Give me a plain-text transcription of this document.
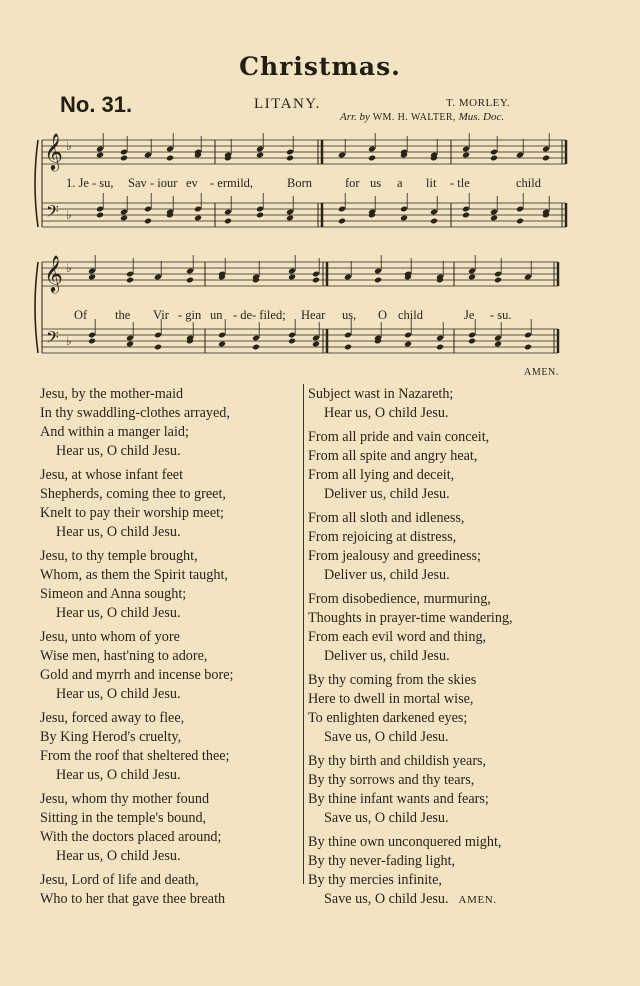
Christmas.
No. 31.	LITANY.	T. MORLEY.
Arr. by WM. H. WALTER, Mus. Doc.
𝄞
𝄢
♭
♭
𝄞
𝄢
♭
♭
1. Je - su, Sav - iour ev - er mild,	Born	for us a lit - tle	child
Of the Vir - gin un - de - filed; Hear us, O child	Je - su.
AMEN.
Jesu, by the mother-maid
In thy swaddling-clothes arrayed,
And within a manger laid;
Hear us, O child Jesu.
Jesu, at whose infant feet
Shepherds, coming thee to greet,
Knelt to pay their worship meet;
Hear us, O child Jesu.
Jesu, to thy temple brought,
Whom, as them the Spirit taught,
Simeon and Anna sought;
Hear us, O child Jesu.
Jesu, unto whom of yore
Wise men, hast'ning to adore,
Gold and myrrh and incense bore;
Hear us, O child Jesu.
Jesu, forced away to flee,
By King Herod's cruelty,
From the roof that sheltered thee;
Hear us, O child Jesu.
Jesu, whom thy mother found
Sitting in the temple's bound,
With the doctors placed around;
Hear us, O child Jesu.
Jesu, Lord of life and death,
Who to her that gave thee breath
Subject wast in Nazareth;
Hear us, O child Jesu.
From all pride and vain conceit,
From all spite and angry heat,
From all lying and deceit,
Deliver us, child Jesu.
From all sloth and idleness,
From rejoicing at distress,
From jealousy and greediness;
Deliver us, child Jesu.
From disobedience, murmuring,
Thoughts in prayer-time wandering,
From each evil word and thing,
Deliver us, child Jesu.
By thy coming from the skies
Here to dwell in mortal wise,
To enlighten darkened eyes;
Save us, O child Jesu.
By thy birth and childish years,
By thy sorrows and thy tears,
By thine infant wants and fears;
Save us, O child Jesu.
By thine own unconquered might,
By thy never-fading light,
By thy mercies infinite,
Save us, O child Jesu. AMEN.
